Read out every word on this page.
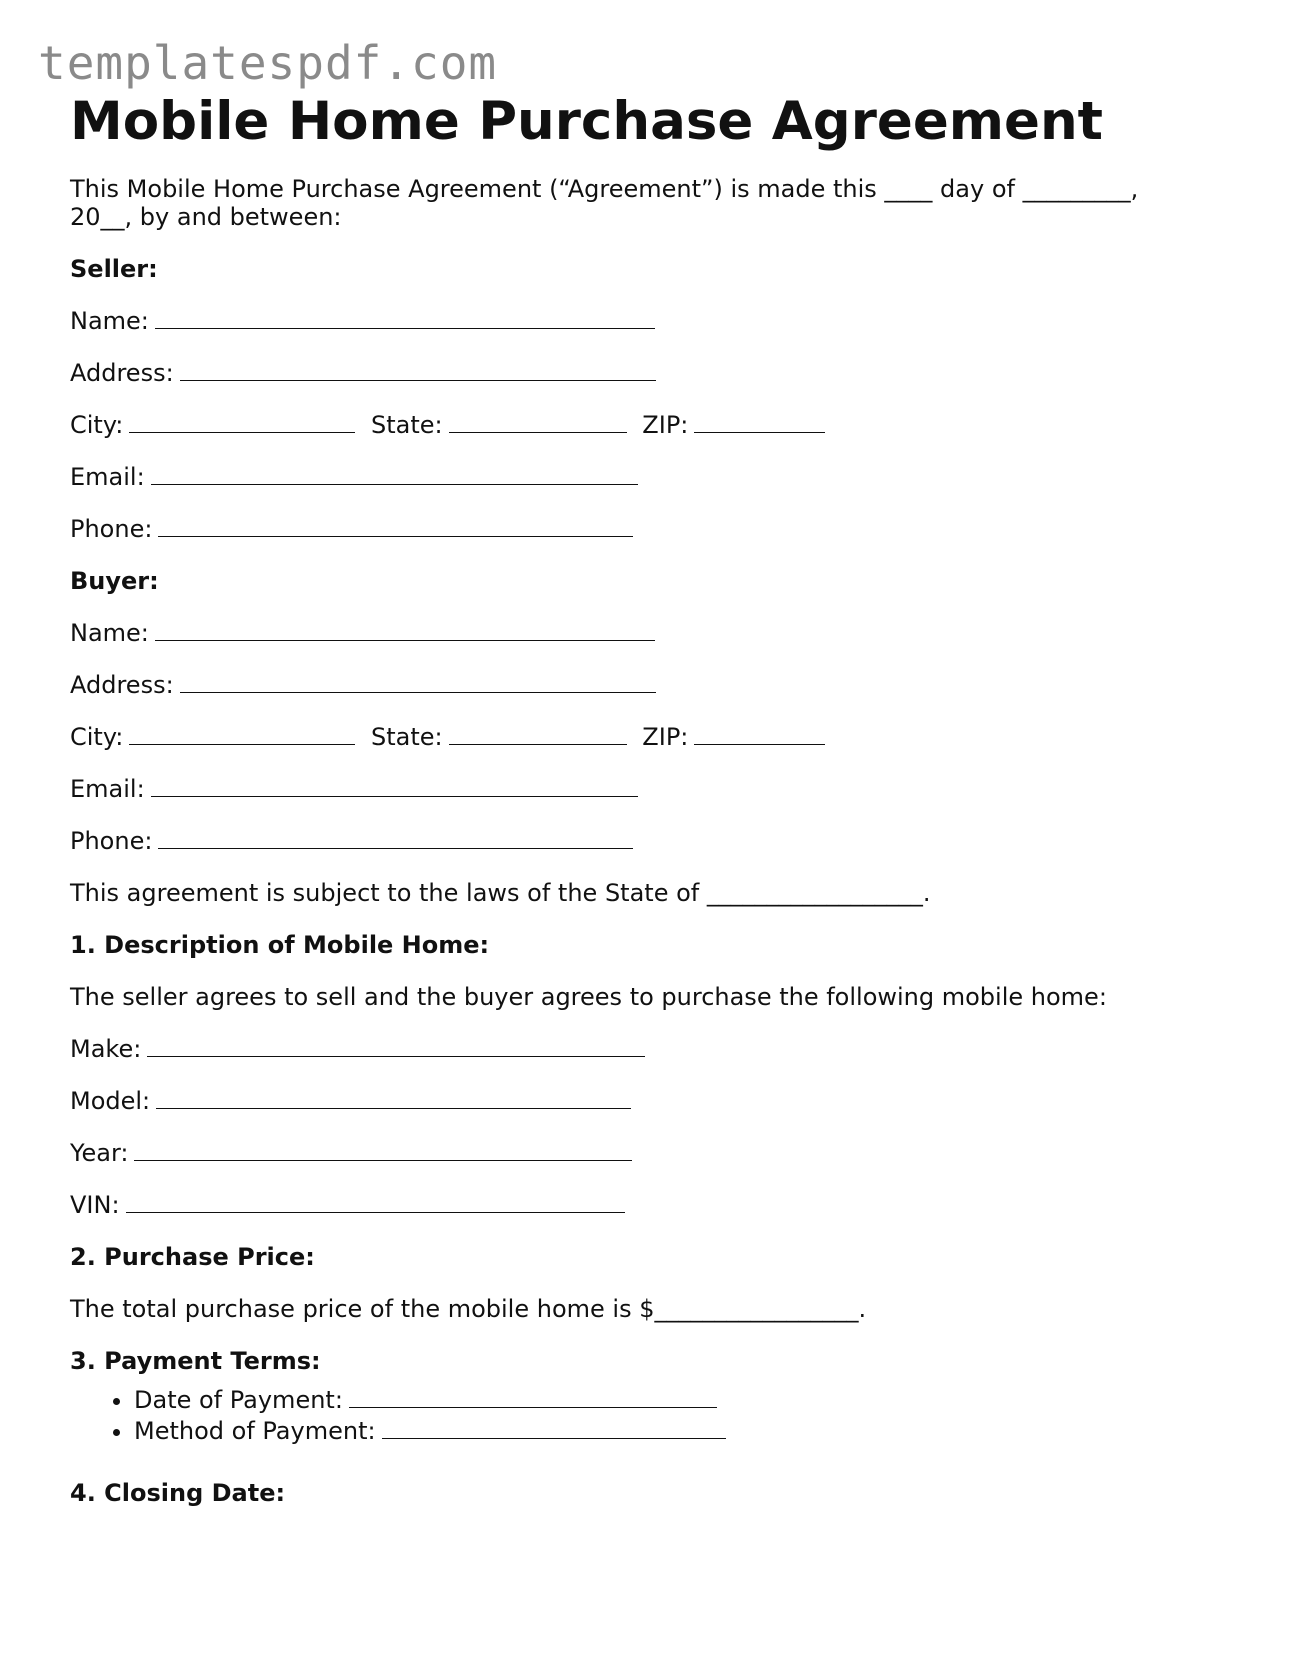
templatespdf.com
Mobile Home Purchase Agreement
This Mobile Home Purchase Agreement (“Agreement”) is made this ____ day of _________,
20__, by and between:
Seller:
Name:
Address:
City:	State:	ZIP:
Email:
Phone:
Buyer:
Name:
Address:
City:	State:	ZIP:
Email:
Phone:
This agreement is subject to the laws of the State of __________________.
1. Description of Mobile Home:
The seller agrees to sell and the buyer agrees to purchase the following mobile home:
Make:
Model:
Year:
VIN:
2. Purchase Price:
The total purchase price of the mobile home is $_________________.
3. Payment Terms:
• Date of Payment:
• Method of Payment:
4. Closing Date:
